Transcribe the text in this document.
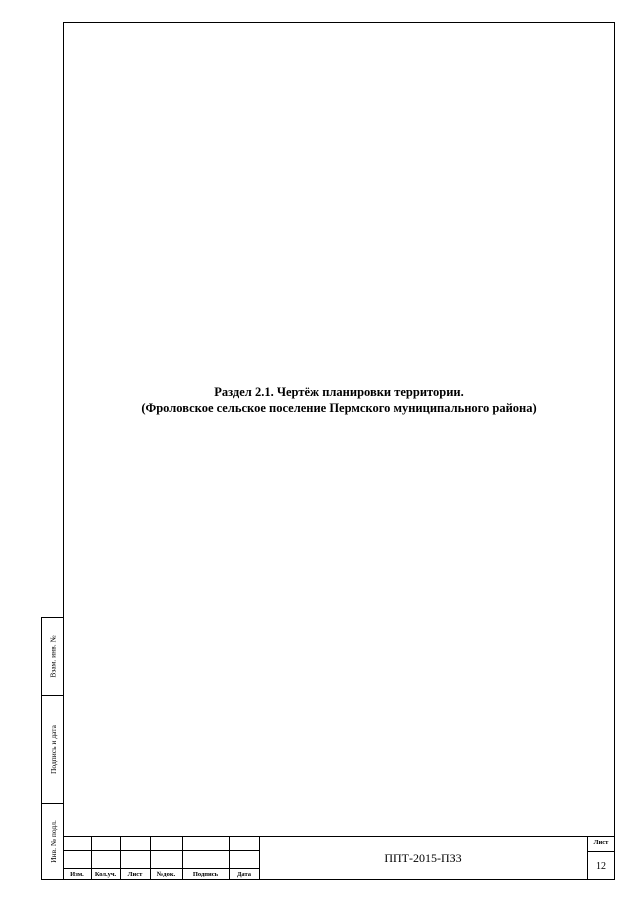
Взам. инв. №
Подпись и дата
Инв. № подл.
Раздел 2.1. Чертёж планировки территории.
(Фроловское сельское поселение Пермского муниципального района)
Изм.	Кол.уч.	Лист	№док.	Подпись	Дата
ППТ-2015-ПЗ3
Лист
12
